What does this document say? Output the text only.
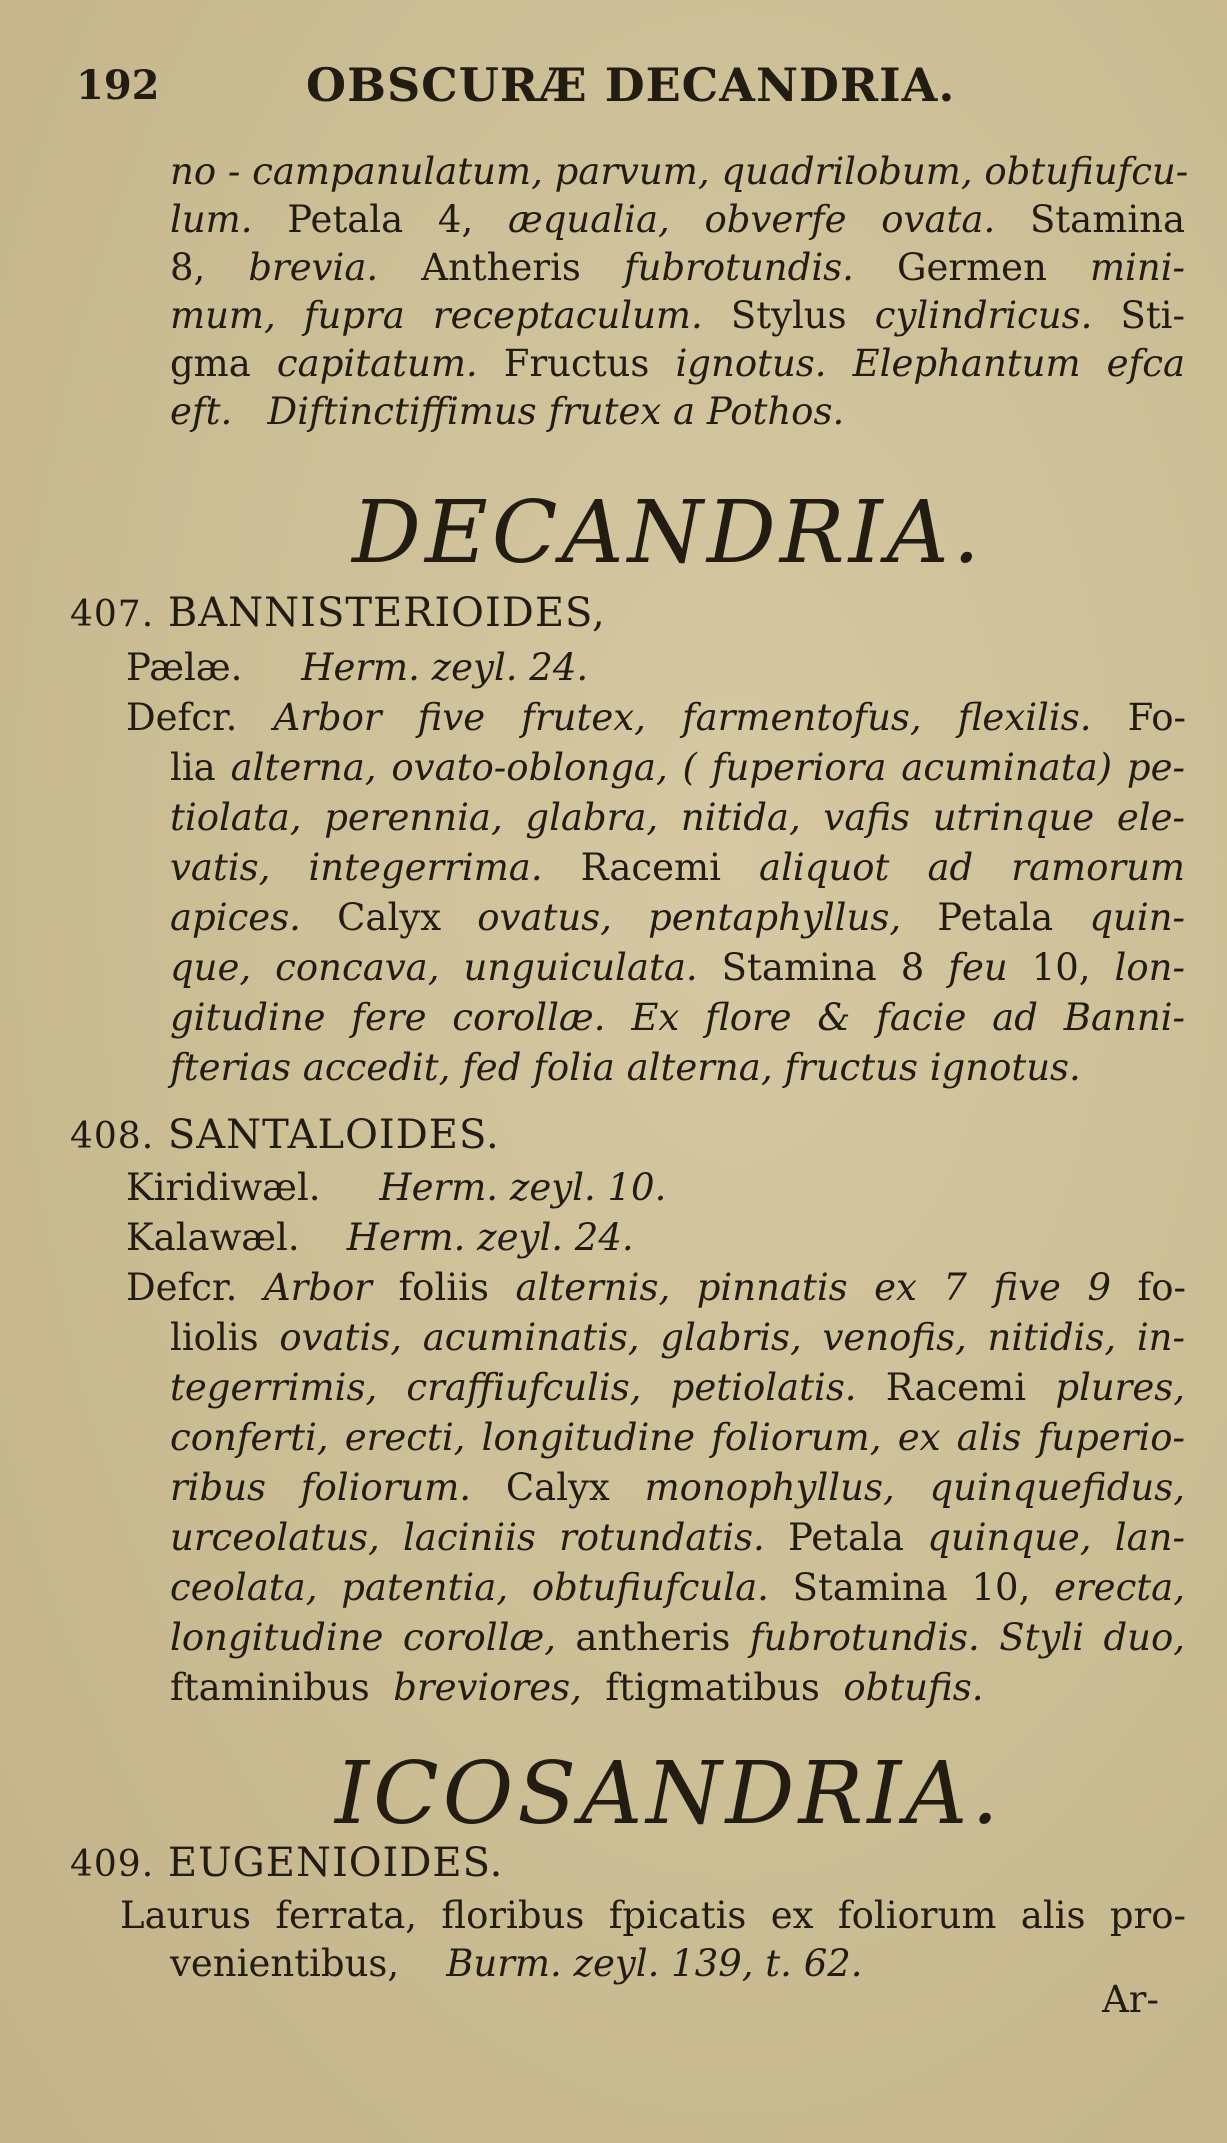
192	OBSCURÆ DECANDRIA.
no - campanulatum, parvum, quadrilobum, obtufiufcu-
lum. Petala 4, æqualia, obverfe ovata. Stamina
8, brevia. Antheris fubrotundis. Germen mini-
mum, fupra receptaculum. Stylus cylindricus. Sti-
gma capitatum. Fructus ignotus. Elephantum efca
eft. Diftinctiffimus frutex a Pothos.
DECANDRIA.
407. BANNISTERIOIDES,
Pælæ. Herm. zeyl. 24.
Defcr. Arbor five frutex, farmentofus, flexilis. Fo-
lia alterna, ovato-oblonga, ( fuperiora acuminata) pe-
tiolata, perennia, glabra, nitida, vafis utrinque ele-
vatis, integerrima. Racemi aliquot ad ramorum
apices. Calyx ovatus, pentaphyllus, Petala quin-
que, concava, unguiculata. Stamina 8 feu 10, lon-
gitudine fere corollæ. Ex flore & facie ad Banni-
fterias accedit, fed folia alterna, fructus ignotus.
408. SANTALOIDES.
Kiridiwæl. Herm. zeyl. 10.
Kalawæl. Herm. zeyl. 24.
Defcr. Arbor foliis alternis, pinnatis ex 7 five 9 fo-
liolis ovatis, acuminatis, glabris, venofis, nitidis, in-
tegerrimis, craffiufculis, petiolatis. Racemi plures,
conferti, erecti, longitudine foliorum, ex alis fuperio-
ribus foliorum. Calyx monophyllus, quinquefidus,
urceolatus, laciniis rotundatis. Petala quinque, lan-
ceolata, patentia, obtufiufcula. Stamina 10, erecta,
longitudine corollæ, antheris fubrotundis. Styli duo,
ftaminibus breviores, ftigmatibus obtufis.
ICOSANDRIA.
409. EUGENIOIDES.
Laurus ferrata, floribus fpicatis ex foliorum alis pro-
venientibus, Burm. zeyl. 139, t. 62.
Ar-
